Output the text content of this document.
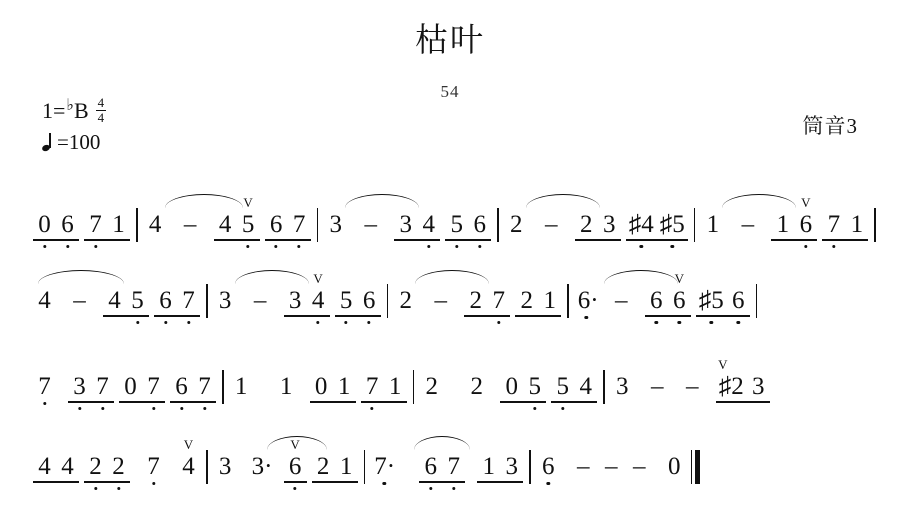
枯叶
54
1= ♭ B $\frac{4}{4}$
=100
筒音3
0 6 7 1 4 – 4
V
5 6 7 3 – 3 4 5 6 2 – 2 3 ♯4 ♯5 1 – 1
V
6 7 1
4 – 4 5 6 7 3 – 3
V
4 5 6 2 – 2 7 2 1 6· – 6
V
6 ♯5 6
7 3 7 0 7 6 7 1 1 0 1 7 1 2 2 0 5 5 4 3 – –
V
♯2 3
4 4 2 2 7
V
4 3 3·
V
6 2 1 7· 6 7 1 3 6 – – – 0
